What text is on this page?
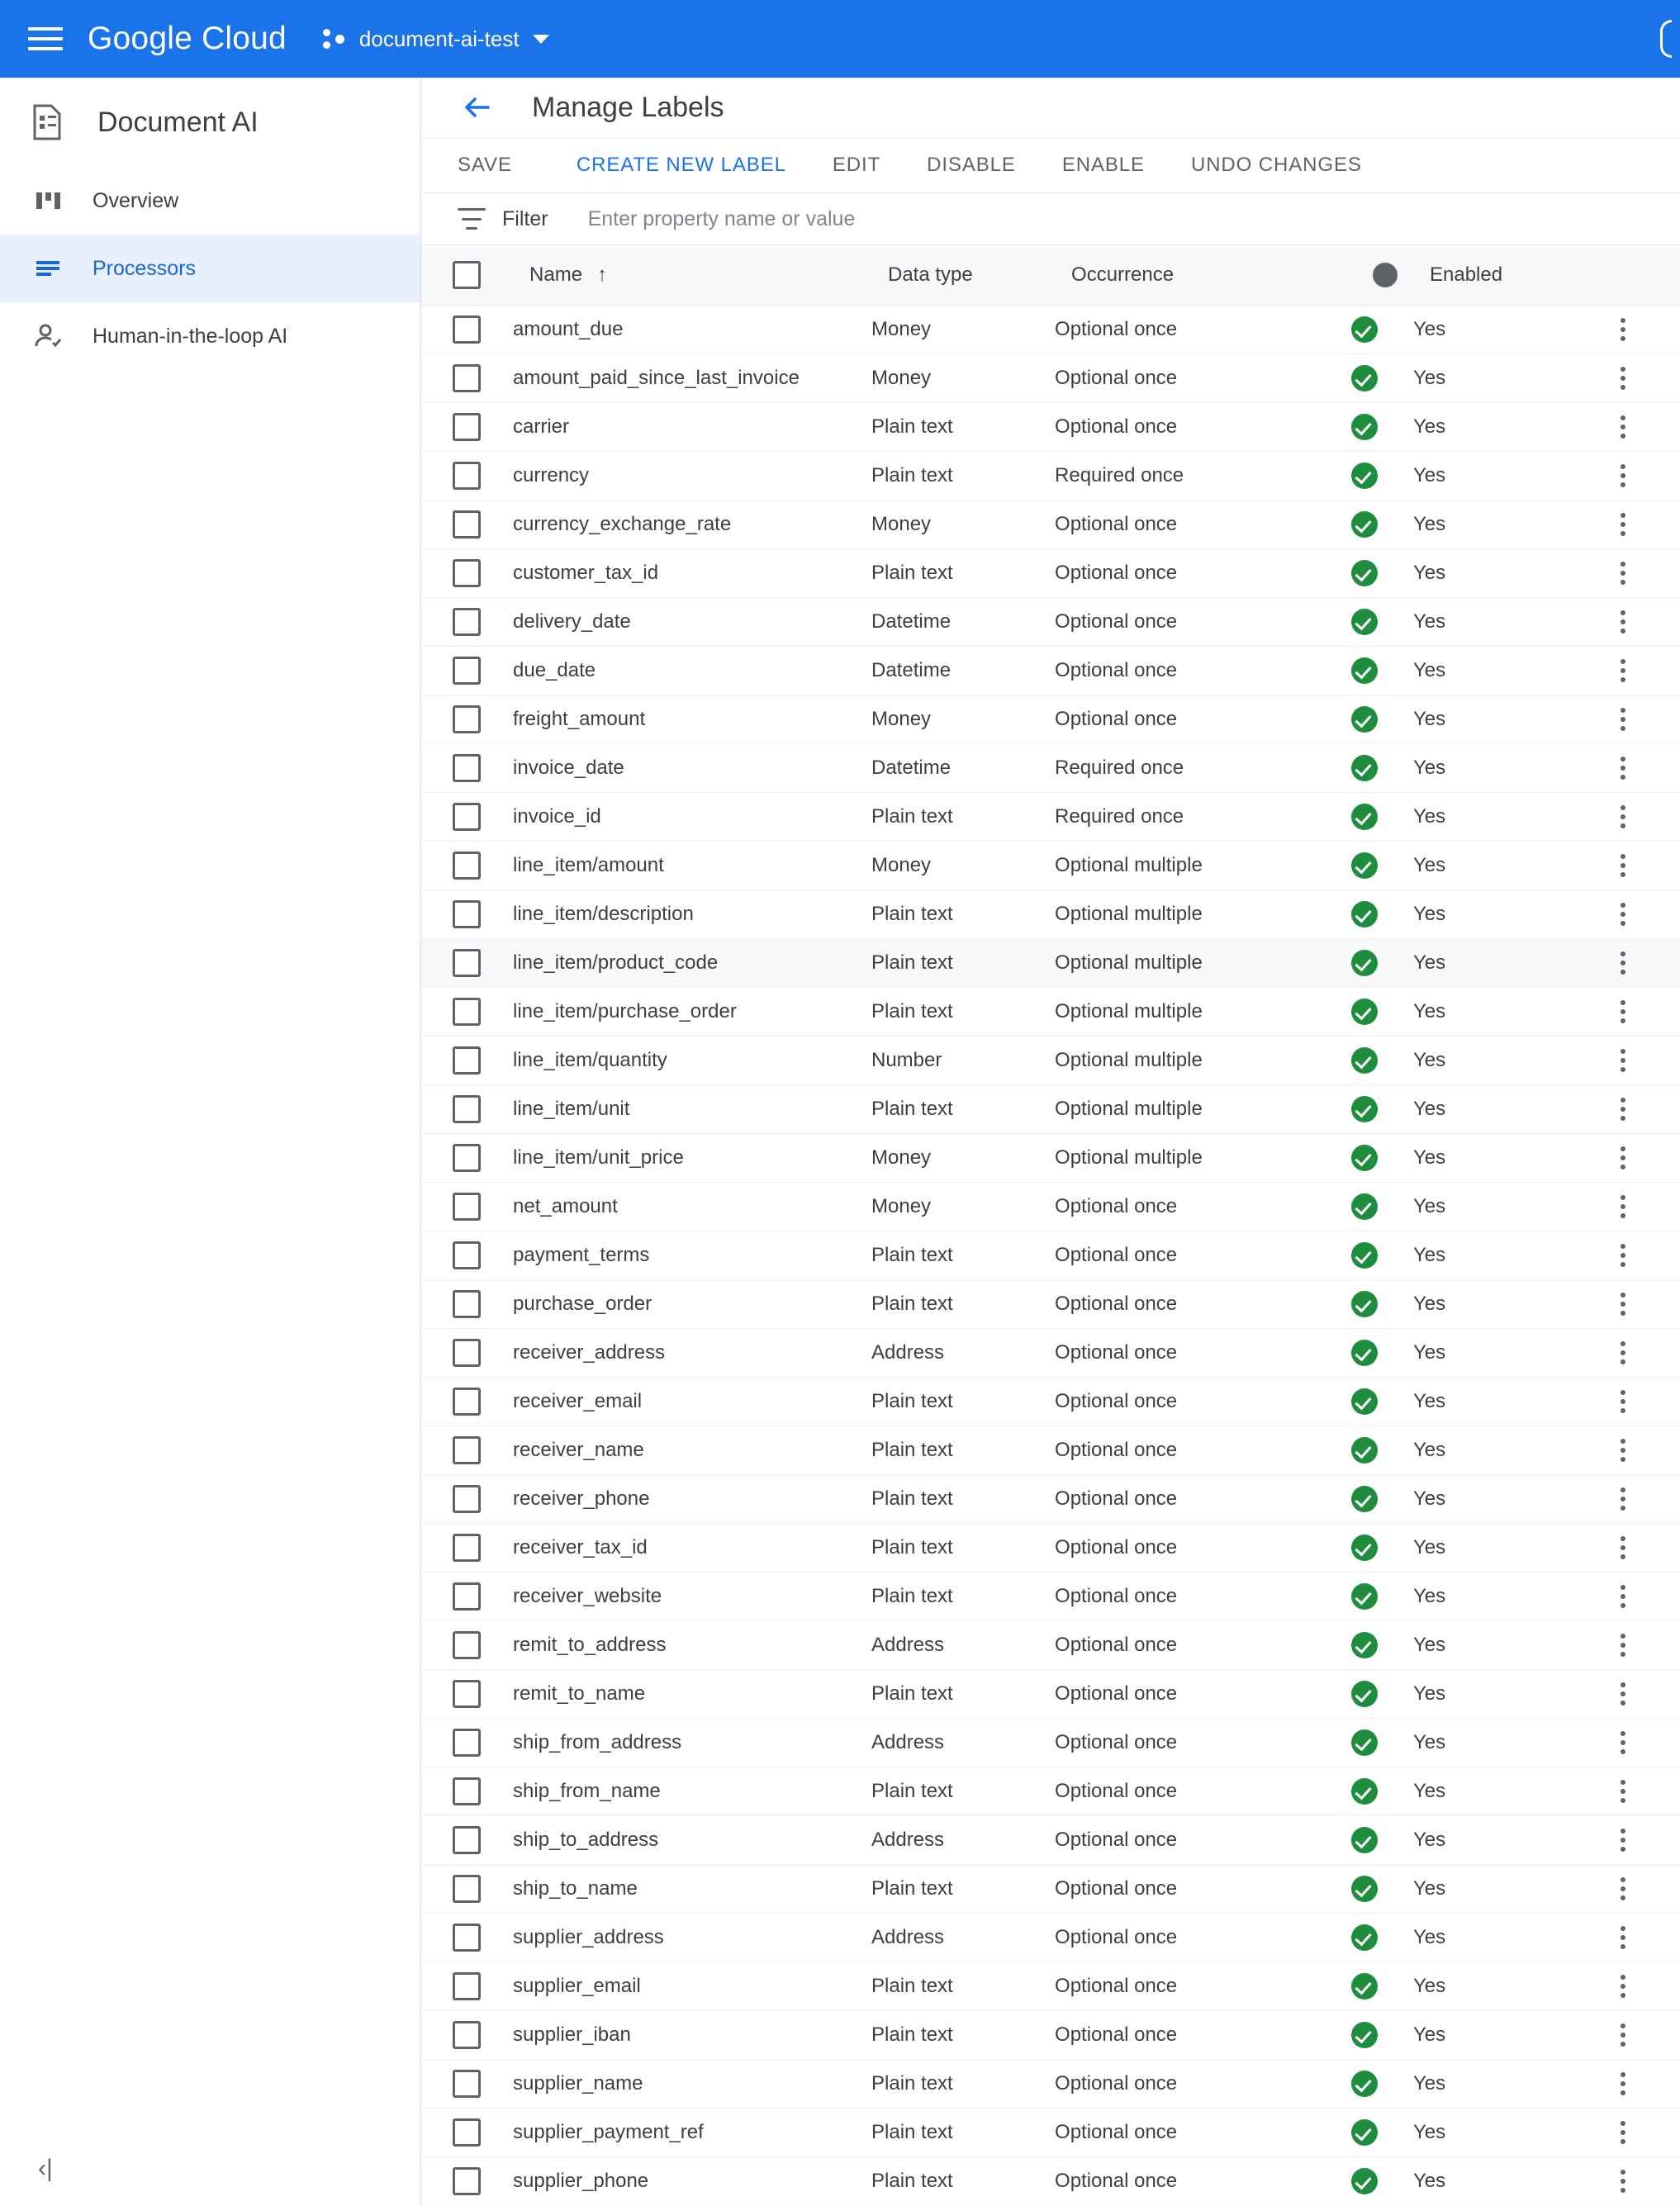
Google Cloud	document-ai-test
Document AI
Overview
Processors
Human-in-the-loop AI
‹|
Manage Labels
SAVE	CREATE NEW LABEL	EDIT	DISABLE	ENABLE	UNDO CHANGES
Filter
Enter property name or value

	Name ↑	Data type	Occurrence		Enabled	

	amount_due	Money	Optional once		Yes	

	amount_paid_since_last_invoice	Money	Optional once		Yes	

	carrier	Plain text	Optional once		Yes	

	currency	Plain text	Required once		Yes	

	currency_exchange_rate	Money	Optional once		Yes	

	customer_tax_id	Plain text	Optional once		Yes	

	delivery_date	Datetime	Optional once		Yes	

	due_date	Datetime	Optional once		Yes	

	freight_amount	Money	Optional once		Yes	

	invoice_date	Datetime	Required once		Yes	

	invoice_id	Plain text	Required once		Yes	

	line_item/amount	Money	Optional multiple		Yes	

	line_item/description	Plain text	Optional multiple		Yes	

	line_item/product_code	Plain text	Optional multiple		Yes	

	line_item/purchase_order	Plain text	Optional multiple		Yes	

	line_item/quantity	Number	Optional multiple		Yes	

	line_item/unit	Plain text	Optional multiple		Yes	

	line_item/unit_price	Money	Optional multiple		Yes	

	net_amount	Money	Optional once		Yes	

	payment_terms	Plain text	Optional once		Yes	

	purchase_order	Plain text	Optional once		Yes	

	receiver_address	Address	Optional once		Yes	

	receiver_email	Plain text	Optional once		Yes	

	receiver_name	Plain text	Optional once		Yes	

	receiver_phone	Plain text	Optional once		Yes	

	receiver_tax_id	Plain text	Optional once		Yes	

	receiver_website	Plain text	Optional once		Yes	

	remit_to_address	Address	Optional once		Yes	

	remit_to_name	Plain text	Optional once		Yes	

	ship_from_address	Address	Optional once		Yes	

	ship_from_name	Plain text	Optional once		Yes	

	ship_to_address	Address	Optional once		Yes	

	ship_to_name	Plain text	Optional once		Yes	

	supplier_address	Address	Optional once		Yes	

	supplier_email	Plain text	Optional once		Yes	

	supplier_iban	Plain text	Optional once		Yes	

	supplier_name	Plain text	Optional once		Yes	

	supplier_payment_ref	Plain text	Optional once		Yes	

	supplier_phone	Plain text	Optional once		Yes	
